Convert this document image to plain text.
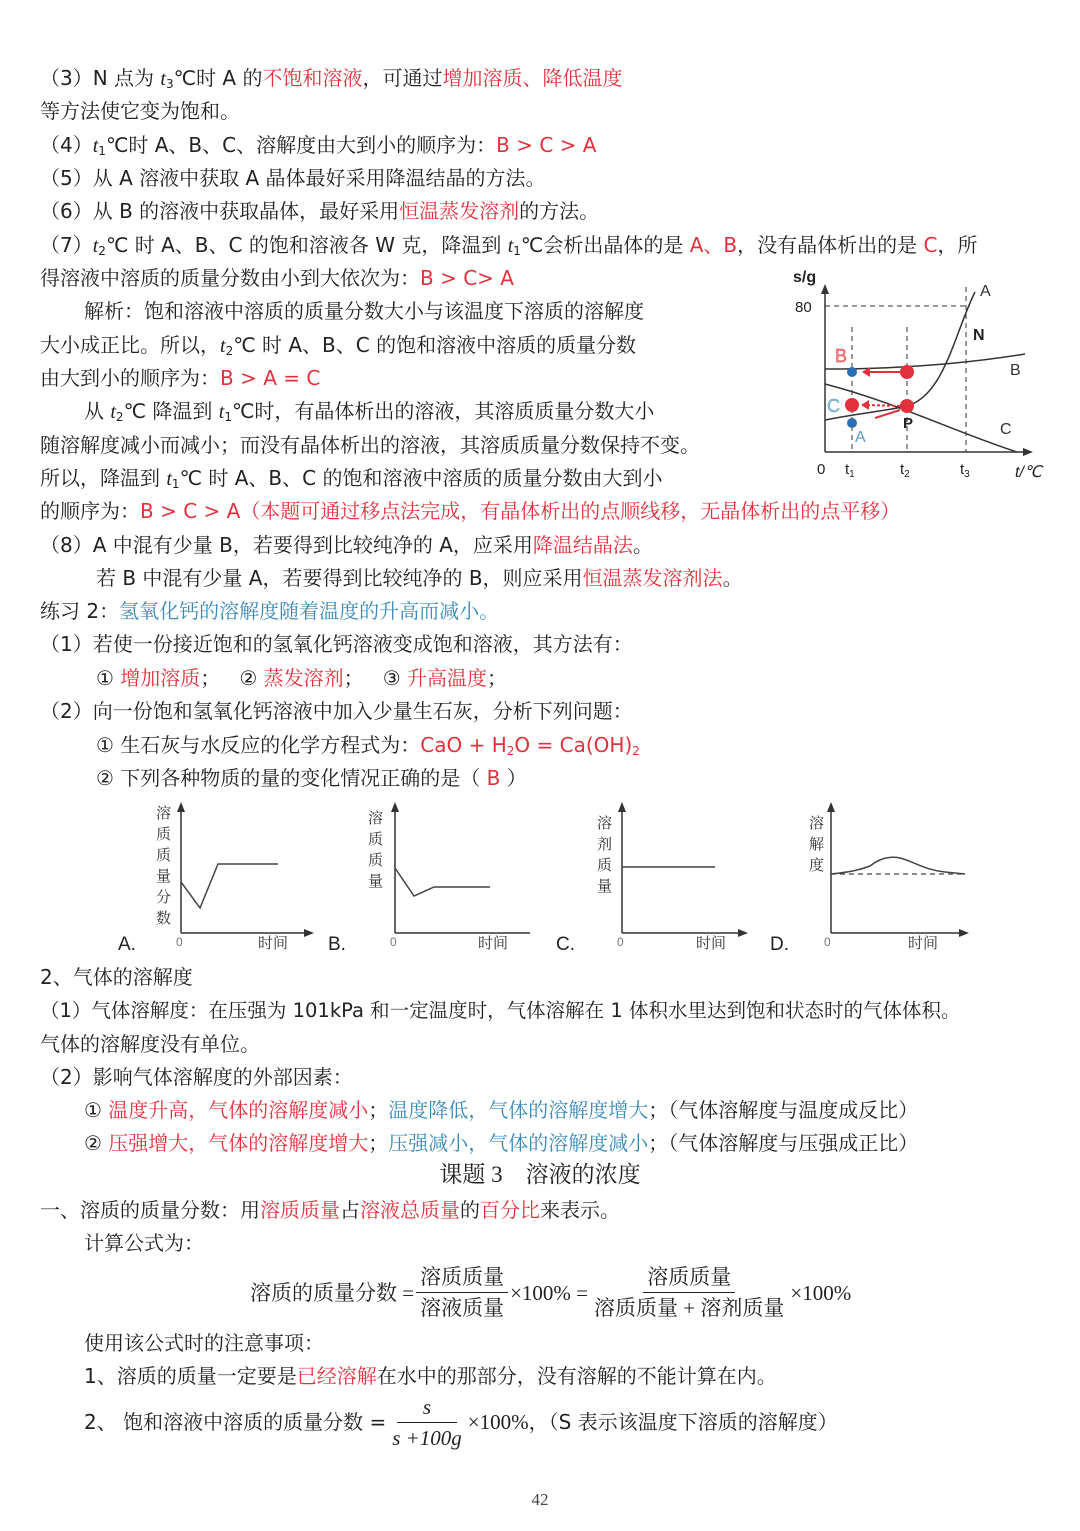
（3）N 点为 $t_3℃$时 A 的不饱和溶液，可通过增加溶质、降低温度
等方法使它变为饱和。
$(4)t_1℃$时 A、B、C、溶解度由大到小的顺序为：B > C > A
（5）从 A 溶液中获取 A 晶体最好采用降温结晶的方法。
（6）从 B 的溶液中获取晶体，最好采用恒温蒸发溶剂的方法。
$(7)t_2℃$ 时 A、B、C 的饱和溶液各 W 克，降温到 $t_1℃$会析出晶体的是 A、B，没有晶体析出的是 C，所
得溶液中溶质的质量分数由小到大依次为：B > C> A
解析：饱和溶液中溶质的质量分数大小与该温度下溶质的溶解度
大小成正比。所以，$t_2℃$ 时 A、B、C 的饱和溶液中溶质的质量分数
由大到小的顺序为：B > A = C
从 $t_2℃$ 降温到 $t_1℃$时，有晶体析出的溶液，其溶质质量分数大小
随溶解度减小而减小；而没有晶体析出的溶液，其溶质质量分数保持不变。
所以，降温到 $t_1℃$ 时 A、B、C 的饱和溶液中溶质的质量分数由大到小
的顺序为：B > C > A（本题可通过移点法完成，有晶体析出的点顺线移，无晶体析出的点平移）
（8）A 中混有少量 B，若要得到比较纯净的 A，应采用降温结晶法。
若 B 中混有少量 A，若要得到比较纯净的 B，则应采用恒温蒸发溶剂法。
s/g
80
0 $t_1$	$t_2$	$t_3$	t/℃
A
B
C
N
P
B
C
A
练习 2：氢氧化钙的溶解度随着温度的升高而减小。
（1）若使一份接近饱和的氢氧化钙溶液变成饱和溶液，其方法有：
① 增加溶质； ② 蒸发溶剂； ③ 升高温度；
（2）向一份饱和氢氧化钙溶液中加入少量生石灰，分析下列问题：
① 生石灰与水反应的化学方程式为：CaO + $H_2O = Ca(OH)_2$
② 下列各种物质的量的变化情况正确的是（ B ）
溶
质
质
量
分
数
A.	0	时间
溶
质
质
量
B.	0	时间
溶
剂
质
量
C.	0	时间
溶
解
度
D.	0	时间
2、气体的溶解度
（1）气体溶解度：在压强为 101kPa 和一定温度时，气体溶解在 1 体积水里达到饱和状态时的气体体积。
气体的溶解度没有单位。
（2）影响气体溶解度的外部因素：
① 温度升高，气体的溶解度减小；温度降低，气体的溶解度增大；（气体溶解度与温度成反比）
② 压强增大，气体的溶解度增大；压强减小，气体的溶解度减小；（气体溶解度与压强成正比）
课题 3    溶液的浓度
一、溶质的质量分数：用溶质质量占溶液总质量的百分比来表示。
计算公式为：
溶质的质量分数 = $\frac{\text{溶质质量}}{\text{溶液质量}} \times 100\% = \frac{\text{溶质质量}}{\text{溶质质量 + 溶剂质量}} \times 100\%$
使用该公式时的注意事项：
1、溶质的质量一定要是已经溶解在水中的那部分，没有溶解的不能计算在内。
2、 饱和溶液中溶质的质量分数 = $\frac{s}{s +100g} \times 100\%$ ，（S 表示该温度下溶质的溶解度）
42
